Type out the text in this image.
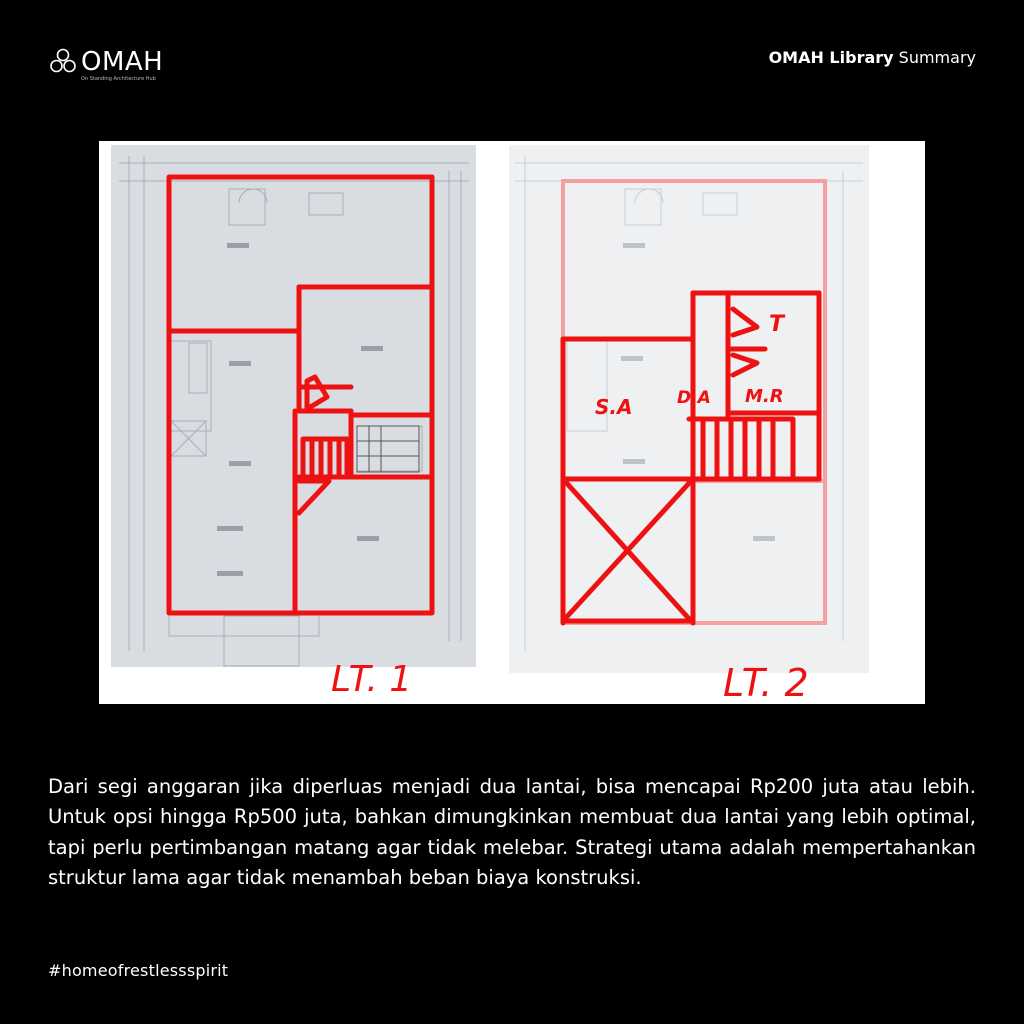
OMAH
On Standing Architecture Hub
OMAH Library Summary
LT. 1
S.A	D.A M.R
T
LT. 2

Dari segi anggaran jika diperluas menjadi dua lantai, bisa mencapai Rp200 juta atau lebih. Untuk opsi hingga Rp500 juta, bahkan dimungkinkan membuat dua lantai yang lebih optimal, tapi perlu pertimbangan matang agar tidak melebar. Strategi utama adalah mempertahankan struktur lama agar tidak menambah beban biaya konstruksi.

#homeofrestlessspirit
